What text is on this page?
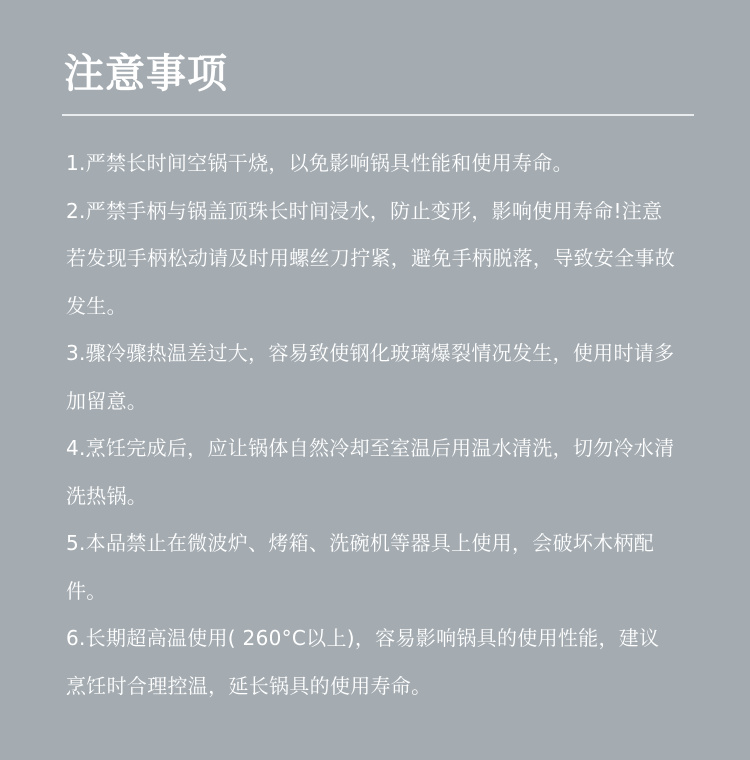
注意事项
1.严禁长时间空锅干烧，以免影响锅具性能和使用寿命。
2.严禁手柄与锅盖顶珠长时间浸水，防止变形，影响使用寿命!注意若发现手柄松动请及时用螺丝刀拧紧，避免手柄脱落，导致安全事故发生。
3.骤冷骤热温差过大，容易致使钢化玻璃爆裂情况发生，使用时请多加留意。
4.烹饪完成后，应让锅体自然冷却至室温后用温水清洗，切勿冷水清洗热锅。
5.本品禁止在微波炉、烤箱、洗碗机等器具上使用，会破坏木柄配件。
6.长期超高温使用( 260°C以上)，容易影响锅具的使用性能，建议烹饪时合理控温，延长锅具的使用寿命。
